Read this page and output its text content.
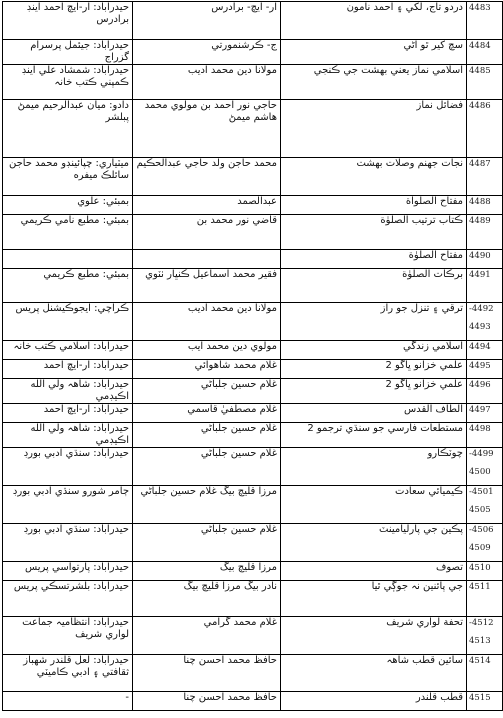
حيدرآباد: آر-ايچ احمد اينڊ برادرس	آر- ايچ- برادرس	دردو تاج، لکي ۽ احمد نامون	4483

حيدرآباد: جيئمل پرسرام گزراج	ج- ڪرشنمورتي	سچ کير ٿو آڻي	4484

حيدرآباد: شمشاد علي اينڊ ڪمپني ڪتب خانہ	مولانا دين محمد اديب	اسلامي نماز يعني بهشت جي ڪنجي	4485

دادو: ميان عبدالرحيم ميمڻ پبلشر	حاجي نور احمد بن مولوي محمد هاشم ميمڻ	فضائل نماز	4486

ميٽياري: چپائينڊو محمد حاجن سائلڪ ميفره	محمد حاجن ولد حاجي عبدالحڪيم	نجات جهنم وصلات بهشت	4487

بمبئي: علوي	عبدالصمد	مفتاح الصلواة	4488

بمبئي: مطبع نامي ڪريمي	قاضي نور محمد بن	ڪتاب ترتيب الصلوٰة	4489

		مفتاح الصلوٰة	4490

بمبئي: مطبع ڪريمي	فقير محمد اسماعيل ڪنڀار ٺٽوي	برڪات الصلوٰة	4491

ڪراچي: ايجوڪيشنل پريس	مولانا دين محمد اديب	ترقي ۽ تنزل جو راز	-4492
4493

حيدرآباد: اسلامي ڪتب خانہ	مولوي دين محمد ايب	اسلامي زندگي	4494

حيدرآباد: آر-ايچ احمد	غلام محمد شاهوائي	علمي خزانو ڀاڱو 2	4495

حيدرآباد: شاهہ ولي الله اڪيڊمي	غلام حسين جلباڻي	علمي خزانو ڀاڱو 2	4496

حيدرآباد: آر-ايچ احمد	غلام مصطفيٰ قاسمي	الطاف القدس	4497

حيدرآباد: شاهہ ولي الله اڪيڊمي	غلام حسين جلباڻي	مستطعات فارسي جو سنڌي ترجمو 2	4498

حيدرآباد: سنڌي ادبي بورڊ	غلام حسين جلباڻي	چوٽڪارو	-4499
4500

ڄامر شورو سنڌي ادبي بورڊ	مرزا قليچ بيگ غلام حسين جلباڻي	ڪيميائي سعادت	-4501
4505

حيدرآباد: سنڌي ادبي بورڊ	غلام حسين جلباڻي	پڪين جي پارليامينٽ	-4506
4509

حيدرآباد: پارتواسي پريس	مرزا قليچ بيگ	تصوف	4510

حيدرآباد: بلشرتسڪي پريس	نادر بيگ مرزا قليچ بيگ	جي پائنين نہ جوڳي ٿيا	4511

حيدرآباد: انتظاميہ جماعت لواري شريف	غلام محمد گرامي	تحفة لواري شريف	-4512
4513

حيدرآباد: لعل قلندر شهباز ثقافتي ۽ ادبي ڪاميٽي	حافظ محمد احسن چنا	سائين قطب شاهہ	4514

-	حافظ محمد احسن چنا	قطب قلندر	4515
